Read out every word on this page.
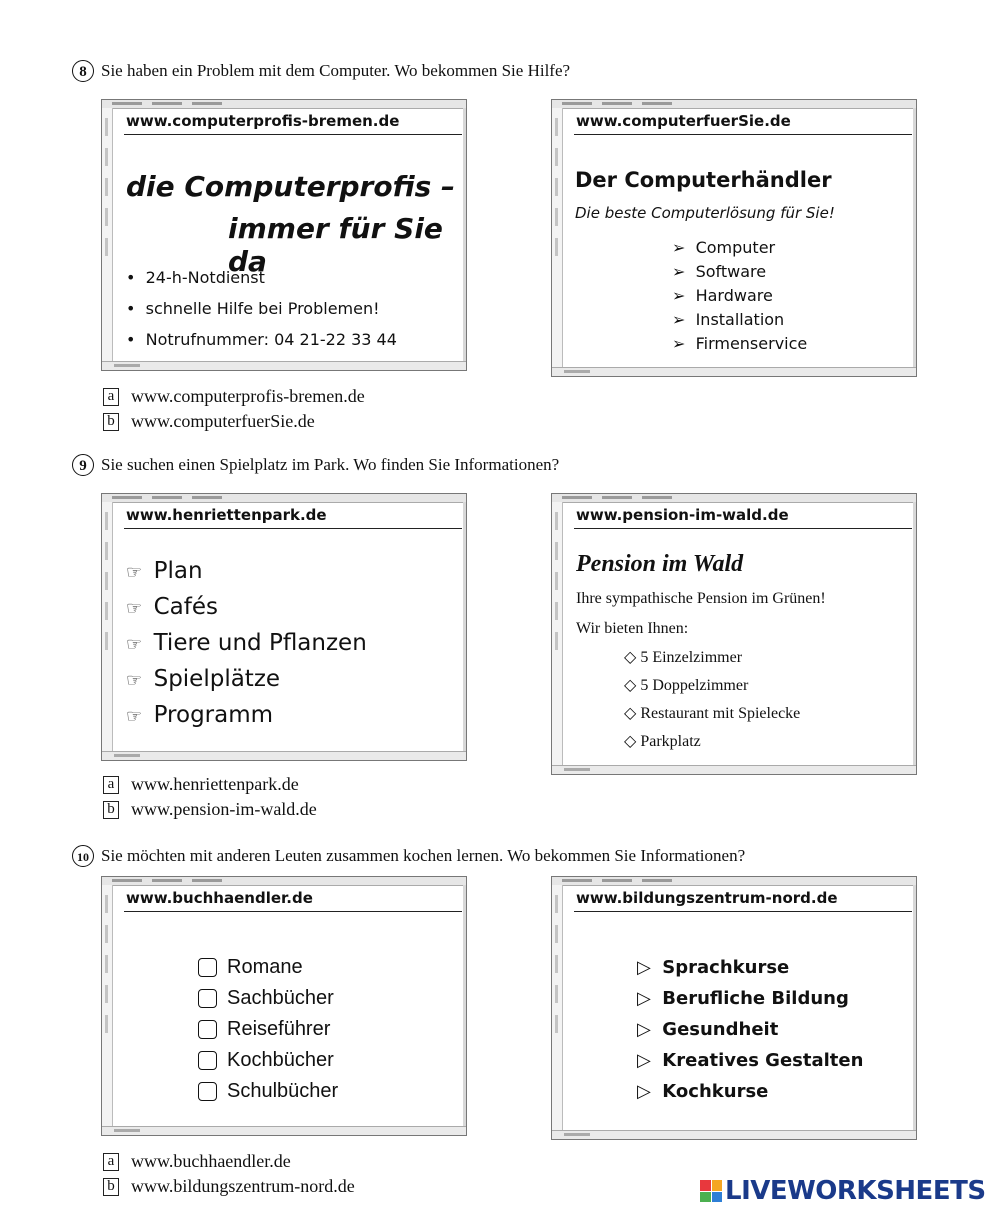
8 Sie haben ein Problem mit dem Computer. Wo bekommen Sie Hilfe?
www.computerprofis-bremen.de
die Computerprofis –
immer für Sie da
•  24-h-Notdienst
•  schnelle Hilfe bei Problemen!
•  Notrufnummer: 04 21-22 33 44
www.computerfuerSie.de
Der Computerhändler
Die beste Computerlösung für Sie!
➢  Computer
➢  Software
➢  Hardware
➢  Installation
➢  Firmenservice
a www.computerprofis-bremen.de
b www.computerfuerSie.de
9 Sie suchen einen Spielplatz im Park. Wo finden Sie Informationen?
www.henriettenpark.de
☞  Plan
☞  Cafés
☞  Tiere und Pflanzen
☞  Spielplätze
☞  Programm
www.pension-im-wald.de
Pension im Wald
Ihre sympathische Pension im Grünen!
Wir bieten Ihnen:
◇ 5 Einzelzimmer
◇ 5 Doppelzimmer
◇ Restaurant mit Spielecke
◇ Parkplatz
a www.henriettenpark.de
b www.pension-im-wald.de
10 Sie möchten mit anderen Leuten zusammen kochen lernen. Wo bekommen Sie Informationen?
www.buchhaendler.de
Romane
Sachbücher
Reiseführer
Kochbücher
Schulbücher
www.bildungszentrum-nord.de
▷  Sprachkurse
▷  Berufliche Bildung
▷  Gesundheit
▷  Kreatives Gestalten
▷  Kochkurse
a www.buchhaendler.de
b www.bildungszentrum-nord.de	LIVEWORKSHEETS
